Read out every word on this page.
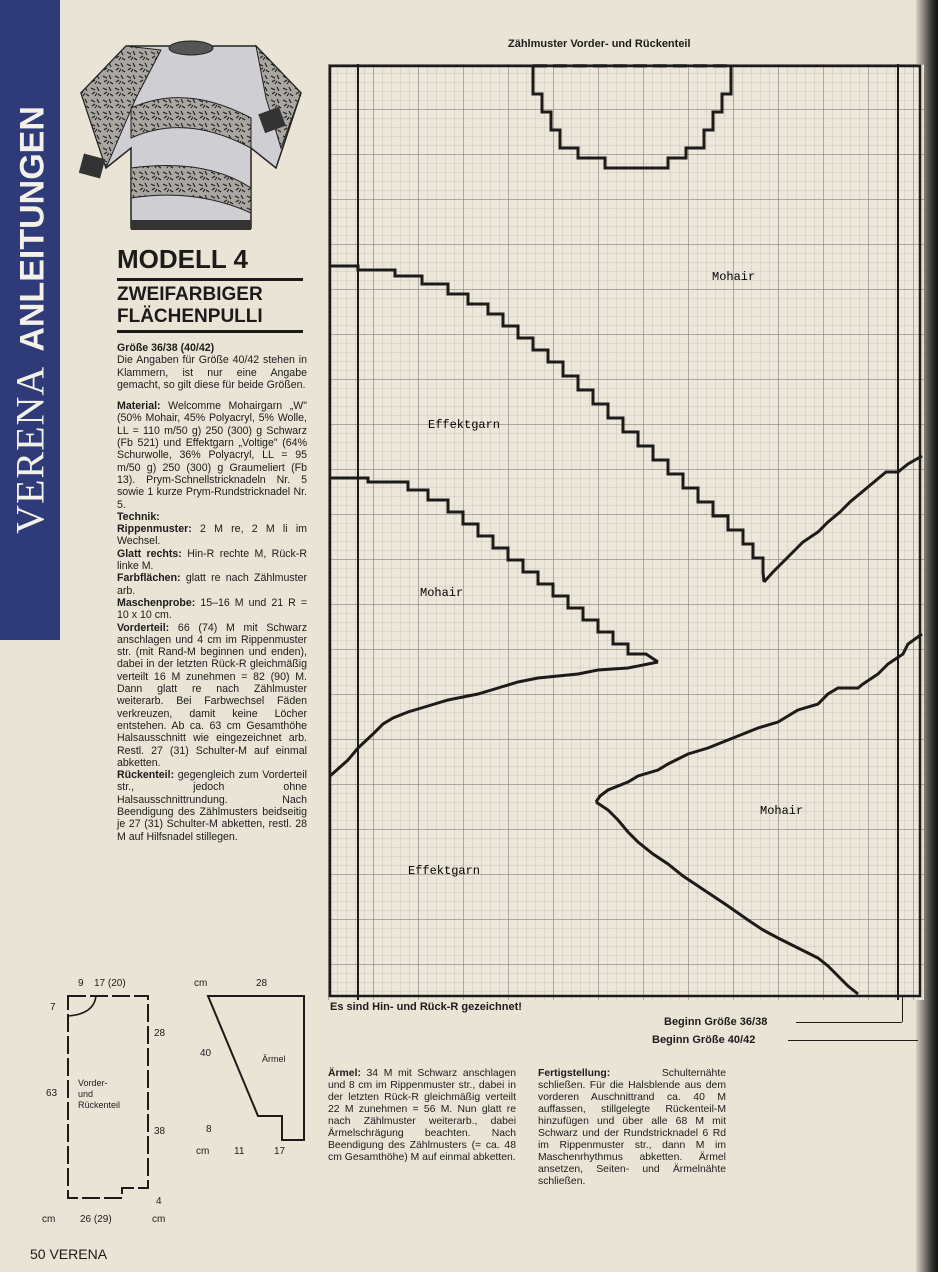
VERENA
ANLEITUNGEN	MODELL 4
ZWEIFARBIGER
FLÄCHENPULLI

Größe 36/38 (40/42)
Die Angaben für Größe 40/42 stehen in Klammern, ist nur eine Angabe gemacht, so gilt diese für beide Größen.

Material: Welcomme Mohairgarn „W" (50% Mohair, 45% Polyacryl, 5% Wolle, LL = 110 m/50 g) 250 (300) g Schwarz (Fb 521) und Effektgarn „Voltige" (64% Schurwolle, 36% Polyacryl, LL = 95 m/50 g) 250 (300) g Graumeliert (Fb 13). Prym-Schnellstricknadeln Nr. 5 sowie 1 kurze Prym-Rundstricknadel Nr. 5.
Technik:
Rippenmuster: 2 M re, 2 M li im Wechsel.
Glatt rechts: Hin-R rechte M, Rück-R linke M.
Farbflächen: glatt re nach Zählmuster arb.
Maschenprobe: 15–16 M und 21 R = 10 x 10 cm.
Vorderteil: 66 (74) M mit Schwarz anschlagen und 4 cm im Rippenmuster str. (mit Rand-M beginnen und enden), dabei in der letzten Rück-R gleichmäßig verteilt 16 M zunehmen = 82 (90) M. Dann glatt re nach Zählmuster weiterarb. Bei Farbwechsel Fäden verkreuzen, damit keine Löcher entstehen. Ab ca. 63 cm Gesamthöhe Halsausschnitt wie eingezeichnet arb. Restl. 27 (31) Schulter-M auf einmal abketten.
Rückenteil: gegengleich zum Vorderteil str., jedoch ohne Halsausschnittrundung. Nach Beendigung des Zählmusters beidseitig je 27 (31) Schulter-M abketten, restl. 28 M auf Hilfsnadel stillegen.

Zählmuster Vorder- und Rückenteil
Mohair
Effektgarn
Mohair
Mohair
Effektgarn
Es sind Hin- und Rück-R gezeichnet!
Beginn Größe 36/38
Beginn Größe 40/42
Ärmel: 34 M mit Schwarz anschlagen und 8 cm im Rippenmuster str., dabei in der letzten Rück-R gleichmäßig verteilt 22 M zunehmen = 56 M. Nun glatt re nach Zählmuster weiterarb., dabei Ärmelschrägung beachten. Nach Beendigung des Zählmusters (= ca. 48 cm Gesamthöhe) M auf einmal abketten.
Fertigstellung:	Schulternähte schließen. Für die Halsblende aus dem vorderen Auschnittrand ca. 40 M auffassen, stillgelegte Rückenteil-M hinzufügen und über alle 68 M mit Schwarz und der Rundstricknadel 6 Rd im Rippenmuster str., dann M im Maschenrhythmus abketten. Ärmel ansetzen, Seiten- und Ärmelnähte schließen.
9 17 (20)
7
63
28
38
4
Vorder-
und
Rückenteil
cm 26 (29)	cm
cm	28
40	Ärmel
8
cm 11	17
50 VERENA
